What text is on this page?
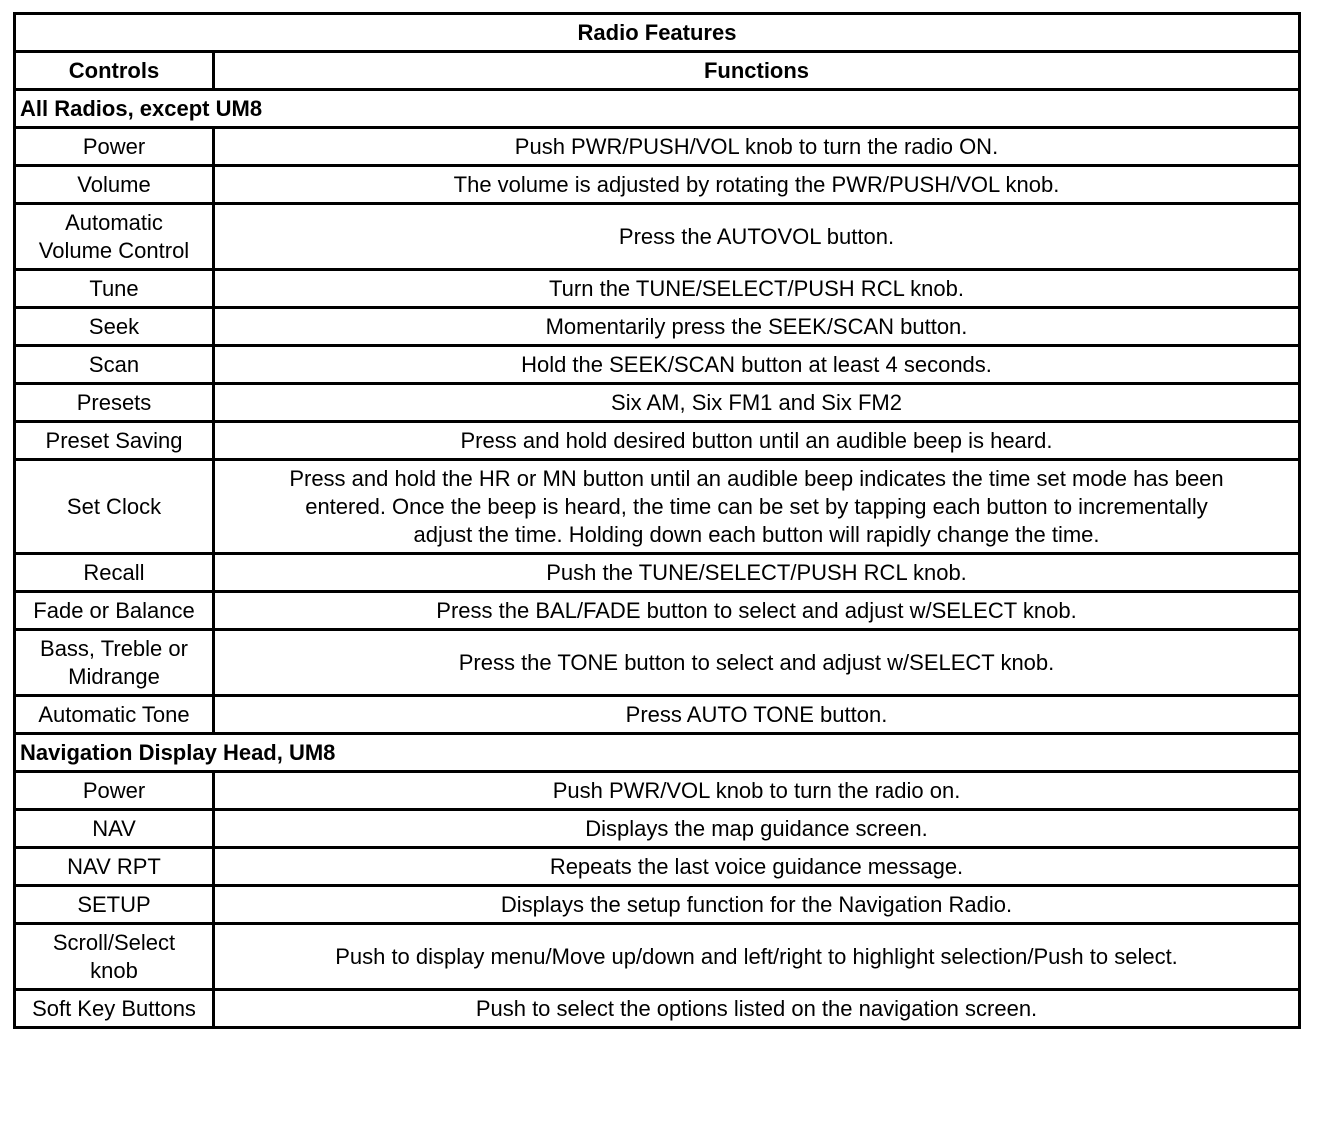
Radio Features	
Controls	Functions
All Radios, except UM8	
Power	Push PWR/PUSH/VOL knob to turn the radio ON.
Volume	The volume is adjusted by rotating the PWR/PUSH/VOL knob.
Automatic
Volume Control	Press the AUTOVOL button.
Tune	Turn the TUNE/SELECT/PUSH RCL knob.
Seek	Momentarily press the SEEK/SCAN button.
Scan	Hold the SEEK/SCAN button at least 4 seconds.
Presets	Six AM, Six FM1 and Six FM2
Preset Saving	Press and hold desired button until an audible beep is heard.
Set Clock	Press and hold the HR or MN button until an audible beep indicates the time set mode has been
entered. Once the beep is heard, the time can be set by tapping each button to incrementally
adjust the time. Holding down each button will rapidly change the time.
Recall	Push the TUNE/SELECT/PUSH RCL knob.
Fade or Balance	Press the BAL/FADE button to select and adjust w/SELECT knob.
Bass, Treble or
Midrange	Press the TONE button to select and adjust w/SELECT knob.
Automatic Tone	Press AUTO TONE button.
Navigation Display Head, UM8	
Power	Push PWR/VOL knob to turn the radio on.
NAV	Displays the map guidance screen.
NAV RPT	Repeats the last voice guidance message.
SETUP	Displays the setup function for the Navigation Radio.
Scroll/Select
knob	Push to display menu/Move up/down and left/right to highlight selection/Push to select.
Soft Key Buttons	Push to select the options listed on the navigation screen.
